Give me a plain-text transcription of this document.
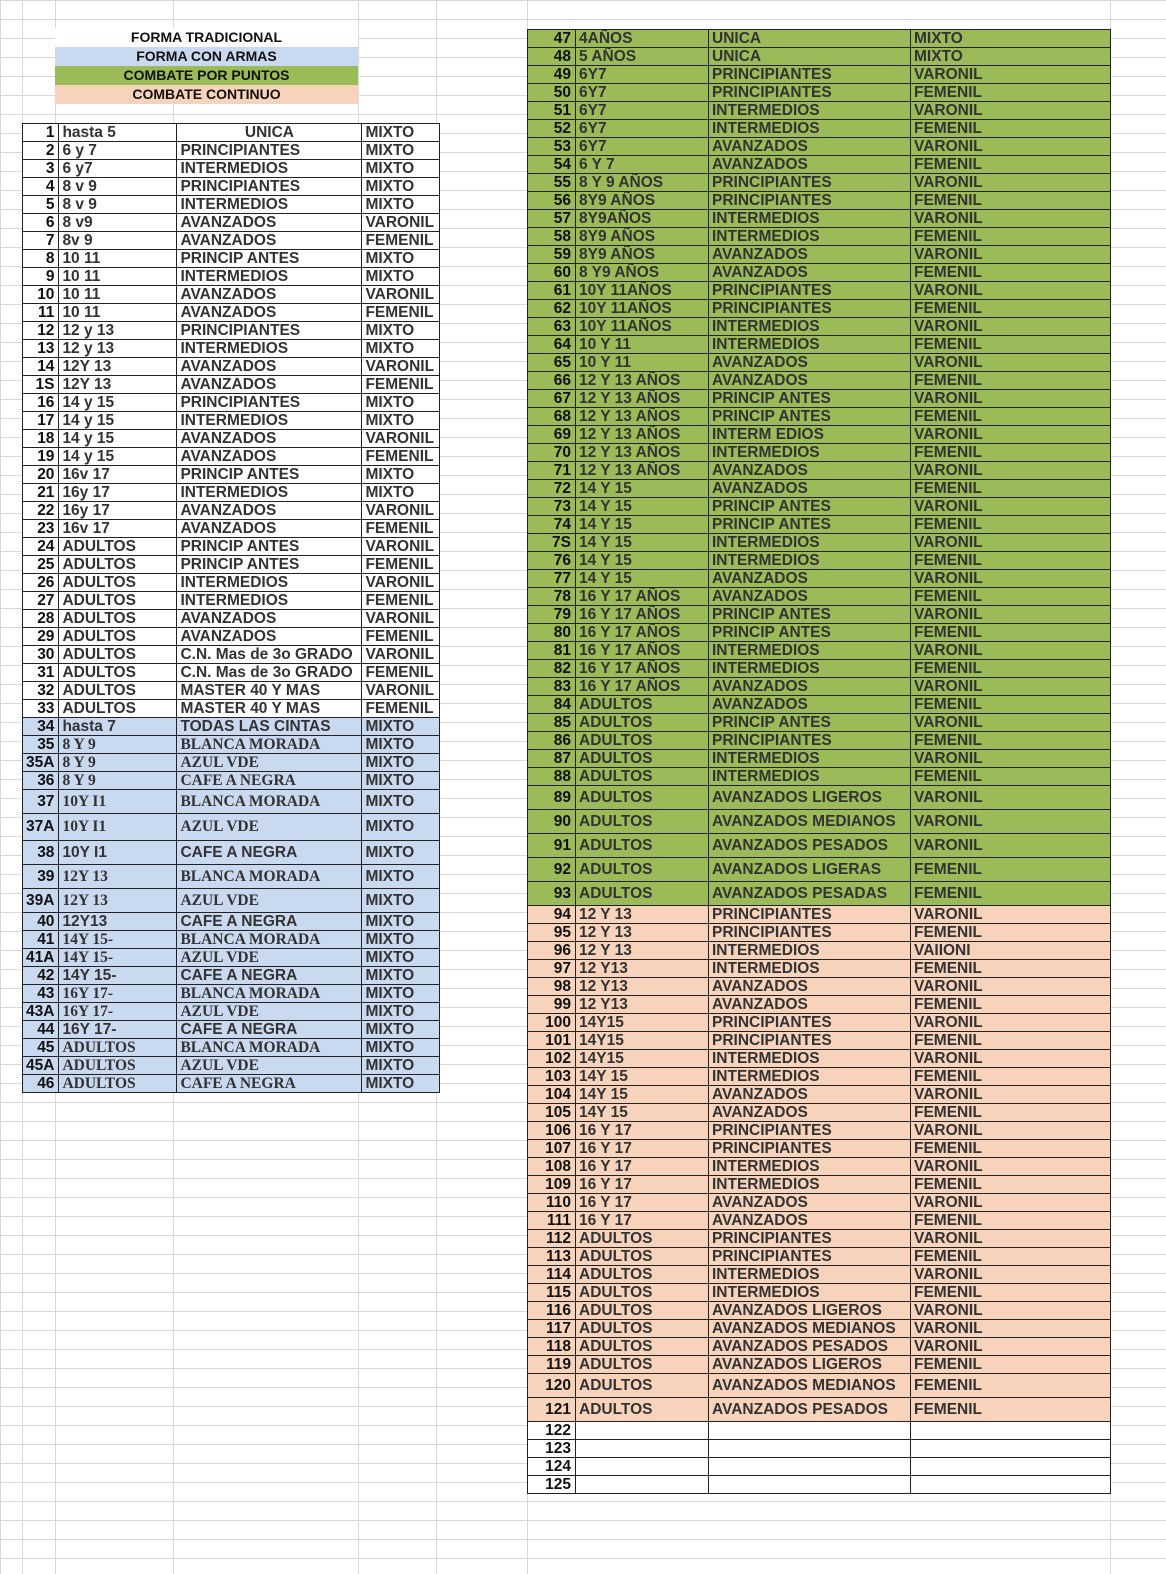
FORMA TRADICIONAL
FORMA CON ARMAS
COMBATE POR PUNTOS
COMBATE CONTINUO
1	hasta 5	UNICA	MIXTO
2	6 y 7	PRINCIPIANTES	MIXTO
3	6 y7	INTERMEDIOS	MIXTO
4	8 v 9	PRINCIPIANTES	MIXTO
5	8 v 9	INTERMEDIOS	MIXTO
6	8 v9	AVANZADOS	VARONIL
7	8v 9	AVANZADOS	FEMENIL
8	10 11	PRINCIP ANTES	MIXTO
9	10 11	INTERMEDIOS	MIXTO
10	10 11	AVANZADOS	VARONIL
11	10 11	AVANZADOS	FEMENIL
12	12 y 13	PRINCIPIANTES	MIXTO
13	12 y 13	INTERMEDIOS	MIXTO
14	12Y 13	AVANZADOS	VARONIL
1S	12Y 13	AVANZADOS	FEMENIL
16	14 y 15	PRINCIPIANTES	MIXTO
17	14 y 15	INTERMEDIOS	MIXTO
18	14 y 15	AVANZADOS	VARONIL
19	14 y 15	AVANZADOS	FEMENIL
20	16v 17	PRINCIP ANTES	MIXTO
21	16y 17	INTERMEDIOS	MIXTO
22	16y 17	AVANZADOS	VARONIL
23	16v 17	AVANZADOS	FEMENIL
24	ADULTOS	PRINCIP ANTES	VARONIL
25	ADULTOS	PRINCIP ANTES	FEMENIL
26	ADULTOS	INTERMEDIOS	VARONIL
27	ADULTOS	INTERMEDIOS	FEMENIL
28	ADULTOS	AVANZADOS	VARONIL
29	ADULTOS	AVANZADOS	FEMENIL
30	ADULTOS	C.N. Mas de 3o GRADO	VARONIL
31	ADULTOS	C.N. Mas de 3o GRADO	FEMENIL
32	ADULTOS	MASTER 40 Y MAS	VARONIL
33	ADULTOS	MASTER 40 Y MAS	FEMENIL
34	hasta 7	TODAS LAS CINTAS	MIXTO
35	8 Y 9	BLANCA MORADA	MIXTO
35A	8 Y 9	AZUL VDE	MIXTO
36	8 Y 9	CAFE A NEGRA	MIXTO
37	10Y I1	BLANCA MORADA	MIXTO
37A	10Y I1	AZUL VDE	MIXTO
38	10Y I1	CAFE A NEGRA	MIXTO
39	12Y 13	BLANCA MORADA	MIXTO
39A	12Y 13	AZUL VDE	MIXTO
40	12Y13	CAFE A NEGRA	MIXTO
41	14Y 15-	BLANCA MORADA	MIXTO
41A	14Y 15-	AZUL VDE	MIXTO
42	14Y 15-	CAFE A NEGRA	MIXTO
43	16Y 17-	BLANCA MORADA	MIXTO
43A	16Y 17-	AZUL VDE	MIXTO
44	16Y 17-	CAFE A NEGRA	MIXTO
45	ADULTOS	BLANCA MORADA	MIXTO
45A	ADULTOS	AZUL VDE	MIXTO
46	ADULTOS	CAFE A NEGRA	MIXTO
47	4AÑOS	UNICA	MIXTO
48	5 AÑOS	UNICA	MIXTO
49	6Y7	PRINCIPIANTES	VARONIL
50	6Y7	PRINCIPIANTES	FEMENIL
51	6Y7	INTERMEDIOS	VARONIL
52	6Y7	INTERMEDIOS	FEMENIL
53	6Y7	AVANZADOS	VARONIL
54	6 Y 7	AVANZADOS	FEMENIL
55	8 Y 9 AÑOS	PRINCIPIANTES	VARONIL
56	8Y9 AÑOS	PRINCIPIANTES	FEMENIL
57	8Y9AÑOS	INTERMEDIOS	VARONIL
58	8Y9 AÑOS	INTERMEDIOS	FEMENIL
59	8Y9 AÑOS	AVANZADOS	VARONIL
60	8 Y9 AÑOS	AVANZADOS	FEMENIL
61	10Y 11AÑOS	PRINCIPIANTES	VARONIL
62	10Y 11AÑOS	PRINCIPIANTES	FEMENIL
63	10Y 11AÑOS	INTERMEDIOS	VARONIL
64	10 Y 11	INTERMEDIOS	FEMENIL
65	10 Y 11	AVANZADOS	VARONIL
66	12 Y 13 AÑOS	AVANZADOS	FEMENIL
67	12 Y 13 AÑOS	PRINCIP ANTES	VARONIL
68	12 Y 13 AÑOS	PRINCIP ANTES	FEMENIL
69	12 Y 13 AÑOS	INTERM EDIOS	VARONIL
70	12 Y 13 AÑOS	INTERMEDIOS	FEMENIL
71	12 Y 13 AÑOS	AVANZADOS	VARONIL
72	14 Y 15	AVANZADOS	FEMENIL
73	14 Y 15	PRINCIP ANTES	VARONIL
74	14 Y 15	PRINCIP ANTES	FEMENIL
7S	14 Y 15	INTERMEDIOS	VARONIL
76	14 Y 15	INTERMEDIOS	FEMENIL
77	14 Y 15	AVANZADOS	VARONIL
78	16 Y 17 AÑOS	AVANZADOS	FEMENIL
79	16 Y 17 AÑOS	PRINCIP ANTES	VARONIL
80	16 Y 17 AÑOS	PRINCIP ANTES	FEMENIL
81	16 Y 17 AÑOS	INTERMEDIOS	VARONIL
82	16 Y 17 AÑOS	INTERMEDIOS	FEMENIL
83	16 Y 17 AÑOS	AVANZADOS	VARONIL
84	ADULTOS	AVANZADOS	FEMENIL
85	ADULTOS	PRINCIP ANTES	VARONIL
86	ADULTOS	PRINCIPIANTES	FEMENIL
87	ADULTOS	INTERMEDIOS	VARONIL
88	ADULTOS	INTERMEDIOS	FEMENIL
89	ADULTOS	AVANZADOS LIGEROS	VARONIL
90	ADULTOS	AVANZADOS MEDIANOS	VARONIL
91	ADULTOS	AVANZADOS PESADOS	VARONIL
92	ADULTOS	AVANZADOS LIGERAS	FEMENIL
93	ADULTOS	AVANZADOS PESADAS	FEMENIL
94	12 Y 13	PRINCIPIANTES	VARONIL
95	12 Y 13	PRINCIPIANTES	FEMENIL
96	12 Y 13	INTERMEDIOS	VAIIONI
97	12 Y13	INTERMEDIOS	FEMENIL
98	12 Y13	AVANZADOS	VARONIL
99	12 Y13	AVANZADOS	FEMENIL
100	14Y15	PRINCIPIANTES	VARONIL
101	14Y15	PRINCIPIANTES	FEMENIL
102	14Y15	INTERMEDIOS	VARONIL
103	14Y 15	INTERMEDIOS	FEMENIL
104	14Y 15	AVANZADOS	VARONIL
105	14Y 15	AVANZADOS	FEMENIL
106	16 Y 17	PRINCIPIANTES	VARONIL
107	16 Y 17	PRINCIPIANTES	FEMENIL
108	16 Y 17	INTERMEDIOS	VARONIL
109	16 Y 17	INTERMEDIOS	FEMENIL
110	16 Y 17	AVANZADOS	VARONIL
111	16 Y 17	AVANZADOS	FEMENIL
112	ADULTOS	PRINCIPIANTES	VARONIL
113	ADULTOS	PRINCIPIANTES	FEMENIL
114	ADULTOS	INTERMEDIOS	VARONIL
115	ADULTOS	INTERMEDIOS	FEMENIL
116	ADULTOS	AVANZADOS LIGEROS	VARONIL
117	ADULTOS	AVANZADOS MEDIANOS	VARONIL
118	ADULTOS	AVANZADOS PESADOS	VARONIL
119	ADULTOS	AVANZADOS LIGEROS	FEMENIL
120	ADULTOS	AVANZADOS MEDIANOS	FEMENIL
121	ADULTOS	AVANZADOS PESADOS	FEMENIL
122			
123			
124			
125			
